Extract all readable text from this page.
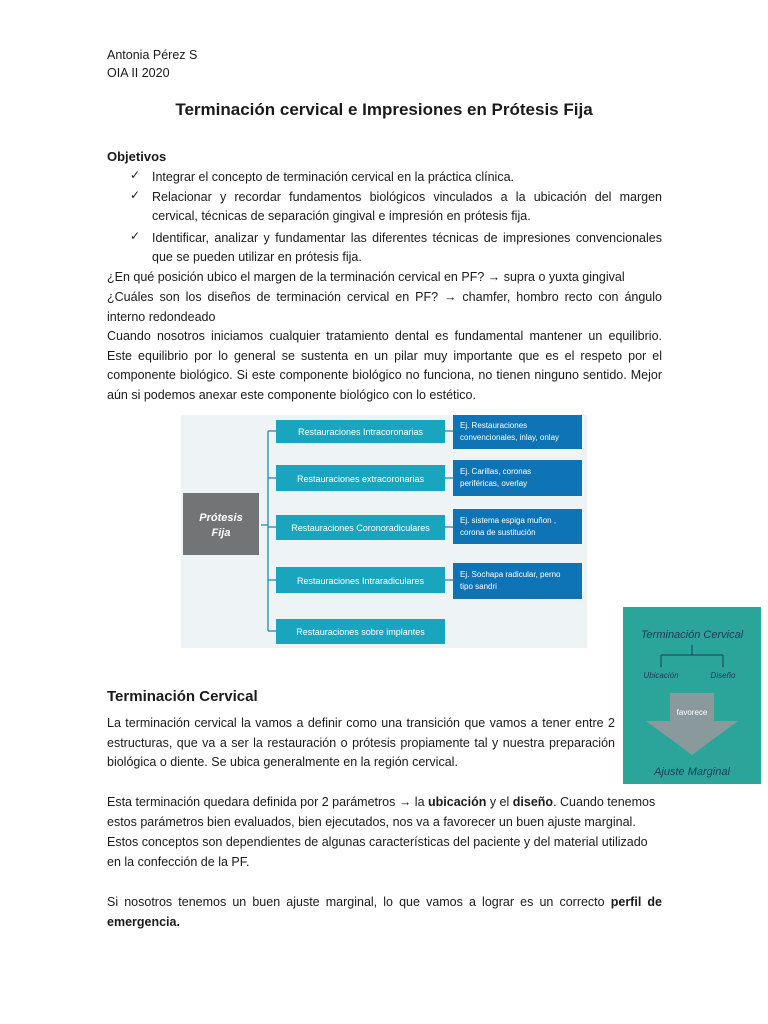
Antonia Pérez S
OIA II 2020
Terminación cervical e Impresiones en Prótesis Fija
Objetivos
✓ Integrar el concepto de terminación cervical en la práctica clínica.
✓ Relacionar y recordar fundamentos biológicos vinculados a la ubicación del margen cervical, técnicas de separación gingival e impresión en prótesis fija.
✓ Identificar, analizar y fundamentar las diferentes técnicas de impresiones convencionales que se pueden utilizar en prótesis fija.
¿En qué posición ubico el margen de la terminación cervical en PF? → supra o yuxta gingival
¿Cuáles son los diseños de terminación cervical en PF? → chamfer, hombro recto con ángulo interno redondeado
Cuando nosotros iniciamos cualquier tratamiento dental es fundamental mantener un equilibrio. Este equilibrio por lo general se sustenta en un pilar muy importante que es el respeto por el componente biológico. Si este componente biológico no funciona, no tienen ninguno sentido. Mejor aún si podemos anexar este componente biológico con lo estético.
Prótesis
Fija
Restauraciones Intracoronarias
Ej. Restauraciones
convencionales, inlay, onlay
Restauraciones extracoronarias
Ej. Carillas, coronas
periféricas, overlay
Restauraciones Coronoradiculares
Ej. sistema espiga muñon ,
corona de sustitución
Restauraciones Intraradiculares
Ej. Sochapa radicular, perno
tipo sandri
Restauraciones sobre implantes	Terminación Cervical
Ubicación	Diseño
favorece
Ajuste Marginal
Terminación Cervical
La terminación cervical la vamos a definir como una transición que vamos a tener entre 2 estructuras, que va a ser la restauración o prótesis propiamente tal y nuestra preparación biológica o diente. Se ubica generalmente en la región cervical.
Esta terminación quedara definida por 2 parámetros → la ubicación y el diseño. Cuando tenemos
estos parámetros bien evaluados, bien ejecutados, nos va a favorecer un buen ajuste marginal.
Estos conceptos son dependientes de algunas características del paciente y del material utilizado
en la confección de la PF.
Si nosotros tenemos un buen ajuste marginal, lo que vamos a lograr es un correcto perfil de emergencia.
